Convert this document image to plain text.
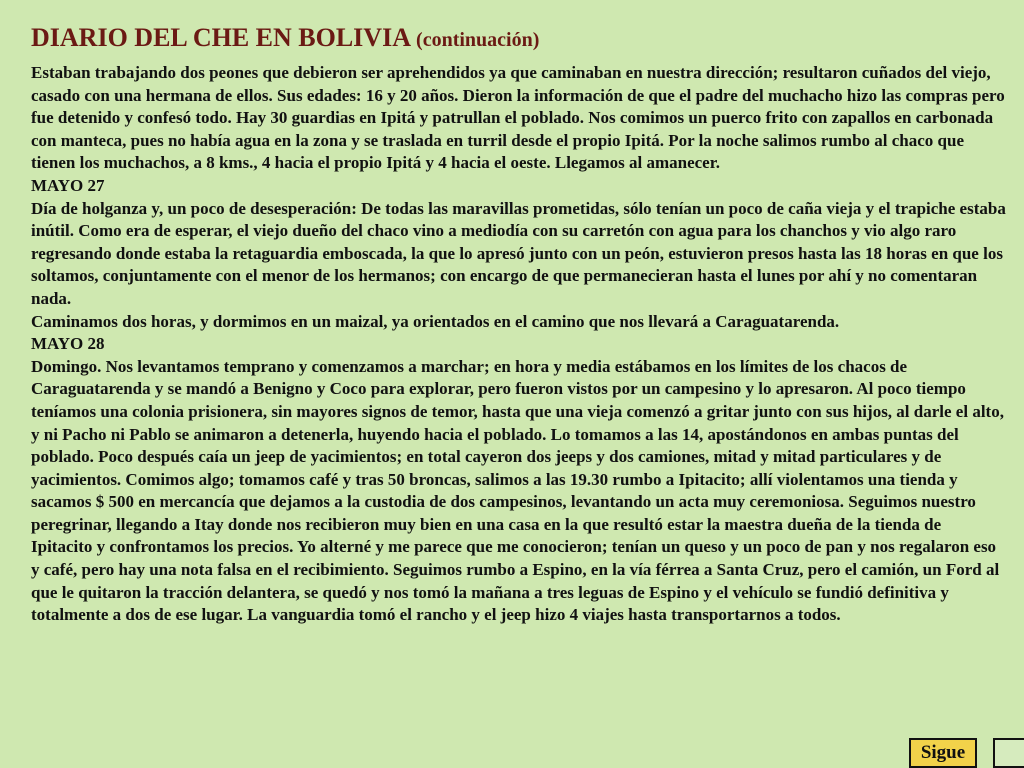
DIARIO DEL CHE EN BOLIVIA (continuación)

Estaban trabajando dos peones que debieron ser aprehendidos ya que caminaban en nuestra dirección; resultaron cuñados del viejo, casado con una hermana de ellos. Sus edades: 16 y 20 años. Dieron la información de que el padre del muchacho hizo las compras pero fue detenido y confesó todo. Hay 30 guardias en Ipitá y patrullan el poblado. Nos comimos un puerco frito con zapallos en carbonada con manteca, pues no había agua en la zona y se traslada en turril desde el propio Ipitá. Por la noche salimos rumbo al chaco que tienen los muchachos, a 8 kms., 4 hacia el propio Ipitá y 4 hacia el oeste. Llegamos al amanecer.

MAYO 27

Día de holganza y, un poco de desesperación: De todas las maravillas prometidas, sólo tenían un poco de caña vieja y el trapiche estaba inútil. Como era de esperar, el viejo dueño del chaco vino a mediodía con su carretón con agua para los chanchos y vio algo raro regresando donde estaba la retaguardia emboscada, la que lo apresó junto con un peón, estuvieron presos hasta las 18 horas en que los soltamos, conjuntamente con el menor de los hermanos; con encargo de que permanecieran hasta el lunes por ahí y no comentaran nada.

Caminamos dos horas, y dormimos en un maizal, ya orientados en el camino que nos llevará a Caraguatarenda.

MAYO 28

Domingo. Nos levantamos temprano y comenzamos a marchar; en hora y media estábamos en los límites de los chacos de Caraguatarenda y se mandó a Benigno y Coco para explorar, pero fueron vistos por un campesino y lo apresaron. Al poco tiempo teníamos una colonia prisionera, sin mayores signos de temor, hasta que una vieja comenzó a gritar junto con sus hijos, al darle el alto, y ni Pacho ni Pablo se animaron a detenerla, huyendo hacia el poblado. Lo tomamos a las 14, apostándonos en ambas puntas del poblado. Poco después caía un jeep de yacimientos; en total cayeron dos jeeps y dos camiones, mitad y mitad particulares y de yacimientos. Comimos algo; tomamos café y tras 50 broncas, salimos a las 19.30 rumbo a Ipitacito; allí violentamos una tienda y sacamos $ 500 en mercancía que dejamos a la custodia de dos campesinos, levantando un acta muy ceremoniosa. Seguimos nuestro peregrinar, llegando a Itay donde nos recibieron muy bien en una casa en la que resultó estar la maestra dueña de la tienda de Ipitacito y confrontamos los precios. Yo alterné y me parece que me conocieron; tenían un queso y un poco de pan y nos regalaron eso y café, pero hay una nota falsa en el recibimiento. Seguimos rumbo a Espino, en la vía férrea a Santa Cruz, pero el camión, un Ford al que le quitaron la tracción delantera, se quedó y nos tomó la mañana a tres leguas de Espino y el vehículo se fundió definitiva y totalmente a dos de ese lugar. La vanguardia tomó el rancho y el jeep hizo 4 viajes hasta transportarnos a todos.

Sigue
